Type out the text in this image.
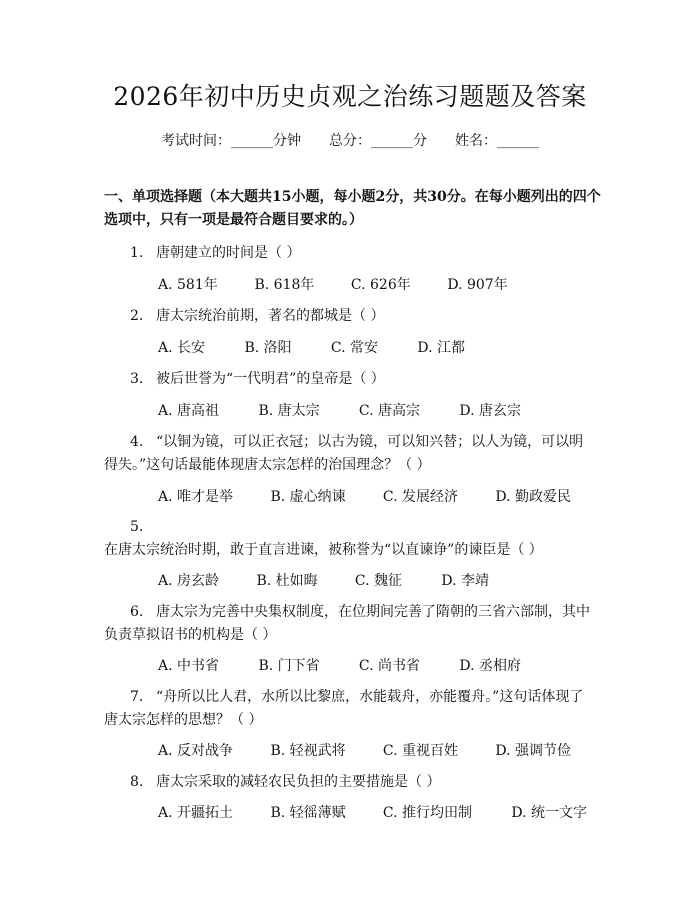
2026年初中历史贞观之治练习题题及答案
考试时间：______分钟 总分：______分 姓名：______
一、单项选择题（本大题共15小题，每小题2分，共30分。在每小题列出的四个选项中，只有一项是最符合题目要求的。）
1. 唐朝建立的时间是（ ）
A. 581年	B. 618年	C. 626年	D. 907年
2. 唐太宗统治前期，著名的都城是（ ）
A. 长安	B. 洛阳	C. 常安	D. 江都
3. 被后世誉为“一代明君”的皇帝是（ ）
A. 唐高祖	B. 唐太宗	C. 唐高宗	D. 唐玄宗
4. “以铜为镜，可以正衣冠；以古为镜，可以知兴替；以人为镜，可以明得失。”这句话最能体现唐太宗怎样的治国理念？（ ）
A. 唯才是举	B. 虚心纳谏	C. 发展经济	D. 勤政爱民
5.在唐太宗统治时期，敢于直言进谏，被称誉为“以直谏诤”的谏臣是（ ）
A. 房玄龄	B. 杜如晦	C. 魏征	D. 李靖
6. 唐太宗为完善中央集权制度，在位期间完善了隋朝的三省六部制，其中负责草拟诏书的机构是（ ）
A. 中书省	B. 门下省	C. 尚书省	D. 丞相府
7. “舟所以比人君，水所以比黎庶，水能载舟，亦能覆舟。”这句话体现了唐太宗怎样的思想？（ ）
A. 反对战争	B. 轻视武将	C. 重视百姓	D. 强调节俭
8. 唐太宗采取的减轻农民负担的主要措施是（ ）
A. 开疆拓土	B. 轻徭薄赋	C. 推行均田制	D. 统一文字
